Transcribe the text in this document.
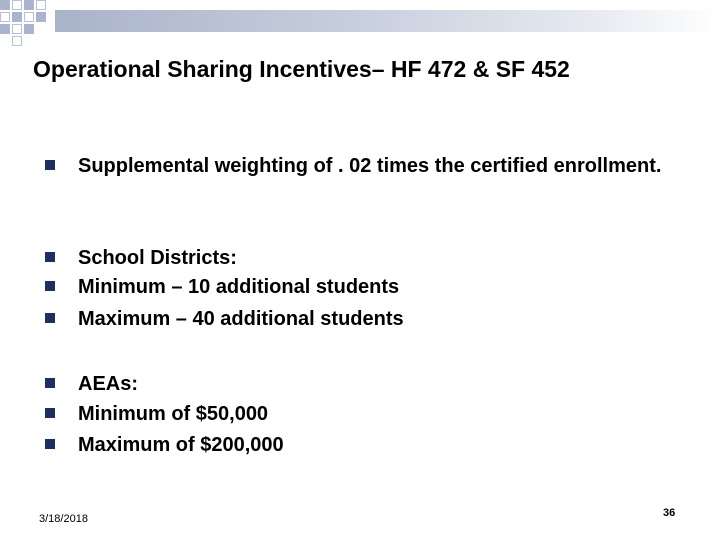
Operational Sharing Incentives– HF 472 & SF 452
Supplemental weighting of . 02 times the certified enrollment.
School Districts:
Minimum – 10 additional students
Maximum – 40 additional students
AEAs:
Minimum of $50,000
Maximum of $200,000
3/18/2018	36
